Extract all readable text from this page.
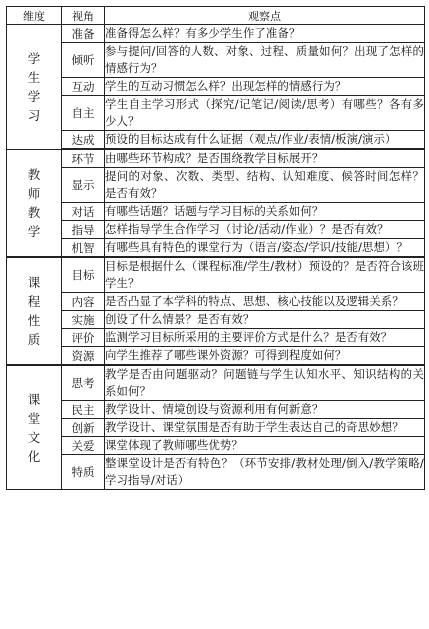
维度	视角	观察点
学生学习	准备	准备得怎么样？有多少学生作了准备？
	倾听	参与提问/回答的人数、对象、过程、质量如何？出现了怎样的情感行为？
	互动	学生的互动习惯怎么样？出现怎样的情感行为？
	自主	学生自主学习形式（探究/记笔记/阅读/思考）有哪些？各有多少人？
	达成	预设的目标达成有什么证据（观点/作业/表情/板演/演示）
教师教学	环节	由哪些环节构成？是否围绕教学目标展开？
	显示	提问的对象、次数、类型、结构、认知难度、候答时间怎样？是否有效？
	对话	有哪些话题？话题与学习目标的关系如何？
	指导	怎样指导学生合作学习（讨论/活动/作业）？是否有效？
	机智	有哪些具有特色的课堂行为（语言/姿态/学识/技能/思想）？
课程性质	目标	目标是根据什么（课程标准/学生/教材）预设的？是否符合该班学生？
	内容	是否凸显了本学科的特点、思想、核心技能以及逻辑关系？
	实施	创设了什么情景？是否有效？
	评价	监测学习目标所采用的主要评价方式是什么？是否有效？
	资源	向学生推荐了哪些课外资源？可得到程度如何？
课堂文化	思考	教学是否由问题驱动？问题链与学生认知水平、知识结构的关系如何？
	民主	教学设计、情境创设与资源利用有何新意？
	创新	教学设计、课堂氛围是否有助于学生表达自己的奇思妙想？
	关爱	课堂体现了教师哪些优势？
	特质	整课堂设计是否有特色？（环节安排/教材处理/倒入/教学策略/学习指导/对话）
